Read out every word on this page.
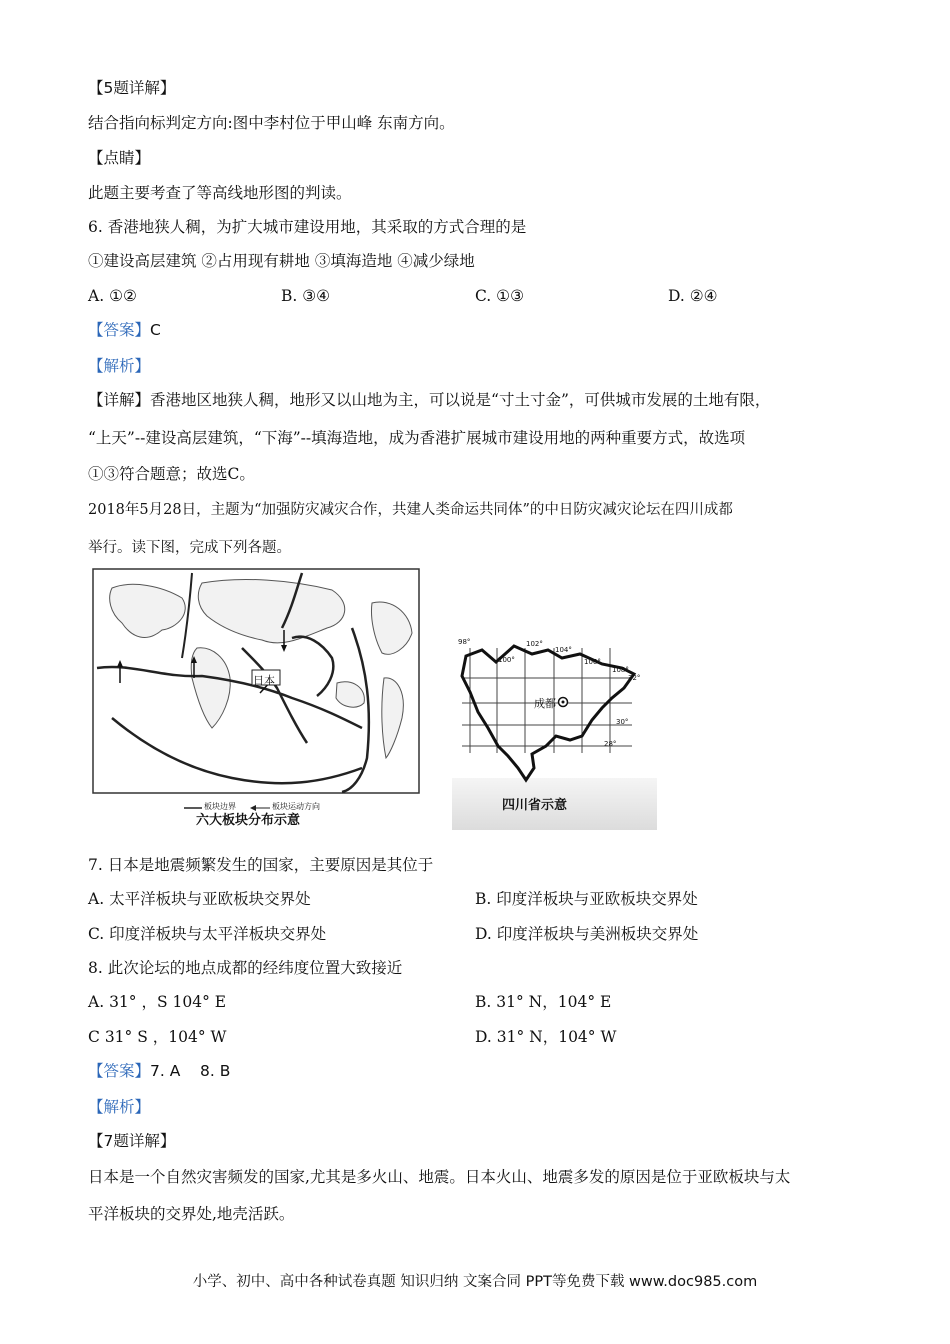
【5题详解】
结合指向标判定方向:图中李村位于甲山峰 东南方向。
【点睛】
此题主要考查了等高线地形图的判读。
6. 香港地狭人稠，为扩大城市建设用地，其采取的方式合理的是
①建设高层建筑 ②占用现有耕地 ③填海造地 ④减少绿地
A. ①②	B. ③④	C. ①③	D. ②④
【答案】C
【解析】
【详解】香港地区地狭人稠，地形又以山地为主，可以说是“寸土寸金”，可供城市发展的土地有限，
“上天”--建设高层建筑，“下海”--填海造地，成为香港扩展城市建设用地的两种重要方式，故选项
①③符合题意；故选C。
2018年5月28日，主题为“加强防灾减灾合作，共建人类命运共同体”的中日防灾减灾论坛在四川成都
举行。读下图，完成下列各题。
日本
板块边界	板块运动方向
六大板块分布示意
98°
100°
102°
104°
106°
108°
32°
30°
28°
成都
四川省示意
7. 日本是地震频繁发生的国家，主要原因是其位于
A. 太平洋板块与亚欧板块交界处	B. 印度洋板块与亚欧板块交界处
C. 印度洋板块与太平洋板块交界处	D. 印度洋板块与美洲板块交界处
8. 此次论坛的地点成都的经纬度位置大致接近
A. 31° ，S 104° E	B. 31° N，104° E
C 31° S ，104° W	D. 31° N，104° W
【答案】7. A    8. B
【解析】
【7题详解】
日本是一个自然灾害频发的国家,尤其是多火山、地震。日本火山、地震多发的原因是位于亚欧板块与太
平洋板块的交界处,地壳活跃。
小学、初中、高中各种试卷真题 知识归纳 文案合同 PPT等免费下载 www.doc985.com
